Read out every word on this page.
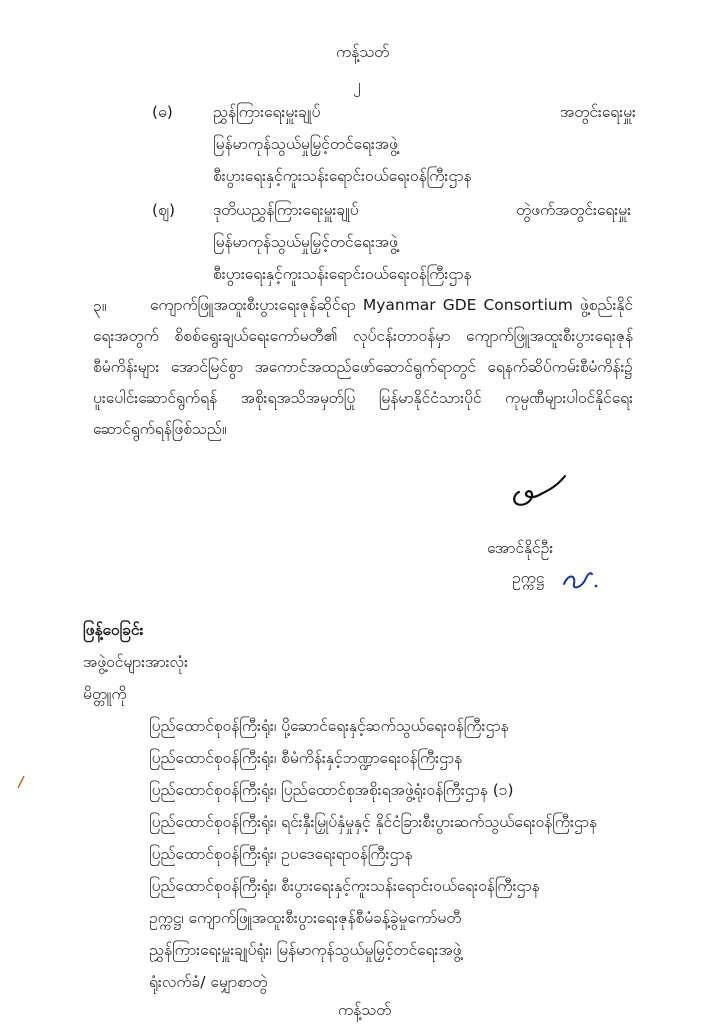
ကန့်သတ်
၂
(ဓ)	ညွှန်ကြားရေးမှူးချုပ်	အတွင်းရေးမှူး
မြန်မာကုန်သွယ်မှုမြှင့်တင်ရေးအဖွဲ့
စီးပွားရေးနှင့်ကူးသန်းရောင်းဝယ်ရေးဝန်ကြီးဌာန
(ဈ) ဒုတိယညွှန်ကြားရေးမှူးချုပ်	တွဲဖက်အတွင်းရေးမှူး
မြန်မာကုန်သွယ်မှုမြှင့်တင်ရေးအဖွဲ့
စီးပွားရေးနှင့်ကူးသန်းရောင်းဝယ်ရေးဝန်ကြီးဌာန
၃။	ကျောက်ဖြူအထူးစီးပွားရေးဇုန်ဆိုင်ရာ Myanmar GDE Consortium ဖွဲ့စည်းနိုင်ရေးအတွက် စိစစ်ရွေးချယ်ရေးကော်မတီ၏ လုပ်ငန်းတာဝန်မှာ ကျောက်ဖြူအထူးစီးပွားရေးဇုန် စီမံကိန်းများ အောင်မြင်စွာ အကောင်အထည်ဖော်ဆောင်ရွက်ရာတွင် ရေနက်ဆိပ်ကမ်းစီမံကိန်း၌ ပူးပေါင်းဆောင်ရွက်ရန် အစိုးရအသိအမှတ်ပြု မြန်မာနိုင်ငံသားပိုင် ကုမ္ပဏီများပါဝင်နိုင်ရေး ဆောင်ရွက်ရန်ဖြစ်သည်။
အောင်နိုင်ဦး
ဥက္ကဋ္ဌ
ဖြန့်ဝေခြင်း
အဖွဲ့ဝင်များအားလုံး
မိတ္တူကို
ပြည်ထောင်စုဝန်ကြီးရုံး၊ ပို့ဆောင်ရေးနှင့်ဆက်သွယ်ရေးဝန်ကြီးဌာန
ပြည်ထောင်စုဝန်ကြီးရုံး၊ စီမံကိန်းနှင့်ဘဏ္ဍာရေးဝန်ကြီးဌာန
ပြည်ထောင်စုဝန်ကြီးရုံး၊ ပြည်ထောင်စုအစိုးရအဖွဲ့ရုံးဝန်ကြီးဌာန (၁)
ပြည်ထောင်စုဝန်ကြီးရုံး၊ ရင်းနှီးမြှုပ်နှံမှုနှင့် နိုင်ငံခြားစီးပွားဆက်သွယ်ရေးဝန်ကြီးဌာန
ပြည်ထောင်စုဝန်ကြီးရုံး၊ ဥပဒေရေးရာဝန်ကြီးဌာန
ပြည်ထောင်စုဝန်ကြီးရုံး၊ စီးပွားရေးနှင့်ကူးသန်းရောင်းဝယ်ရေးဝန်ကြီးဌာန
ဥက္ကဋ္ဌ၊ ကျောက်ဖြူအထူးစီးပွားရေးဇုန်စီမံခန့်ခွဲမှုကော်မတီ
ညွှန်ကြားရေးမှူးချုပ်ရုံး၊ မြန်မာကုန်သွယ်မှုမြှင့်တင်ရေးအဖွဲ့
ရုံးလက်ခံ/ မျှောစာတွဲ
ကန့်သတ်
